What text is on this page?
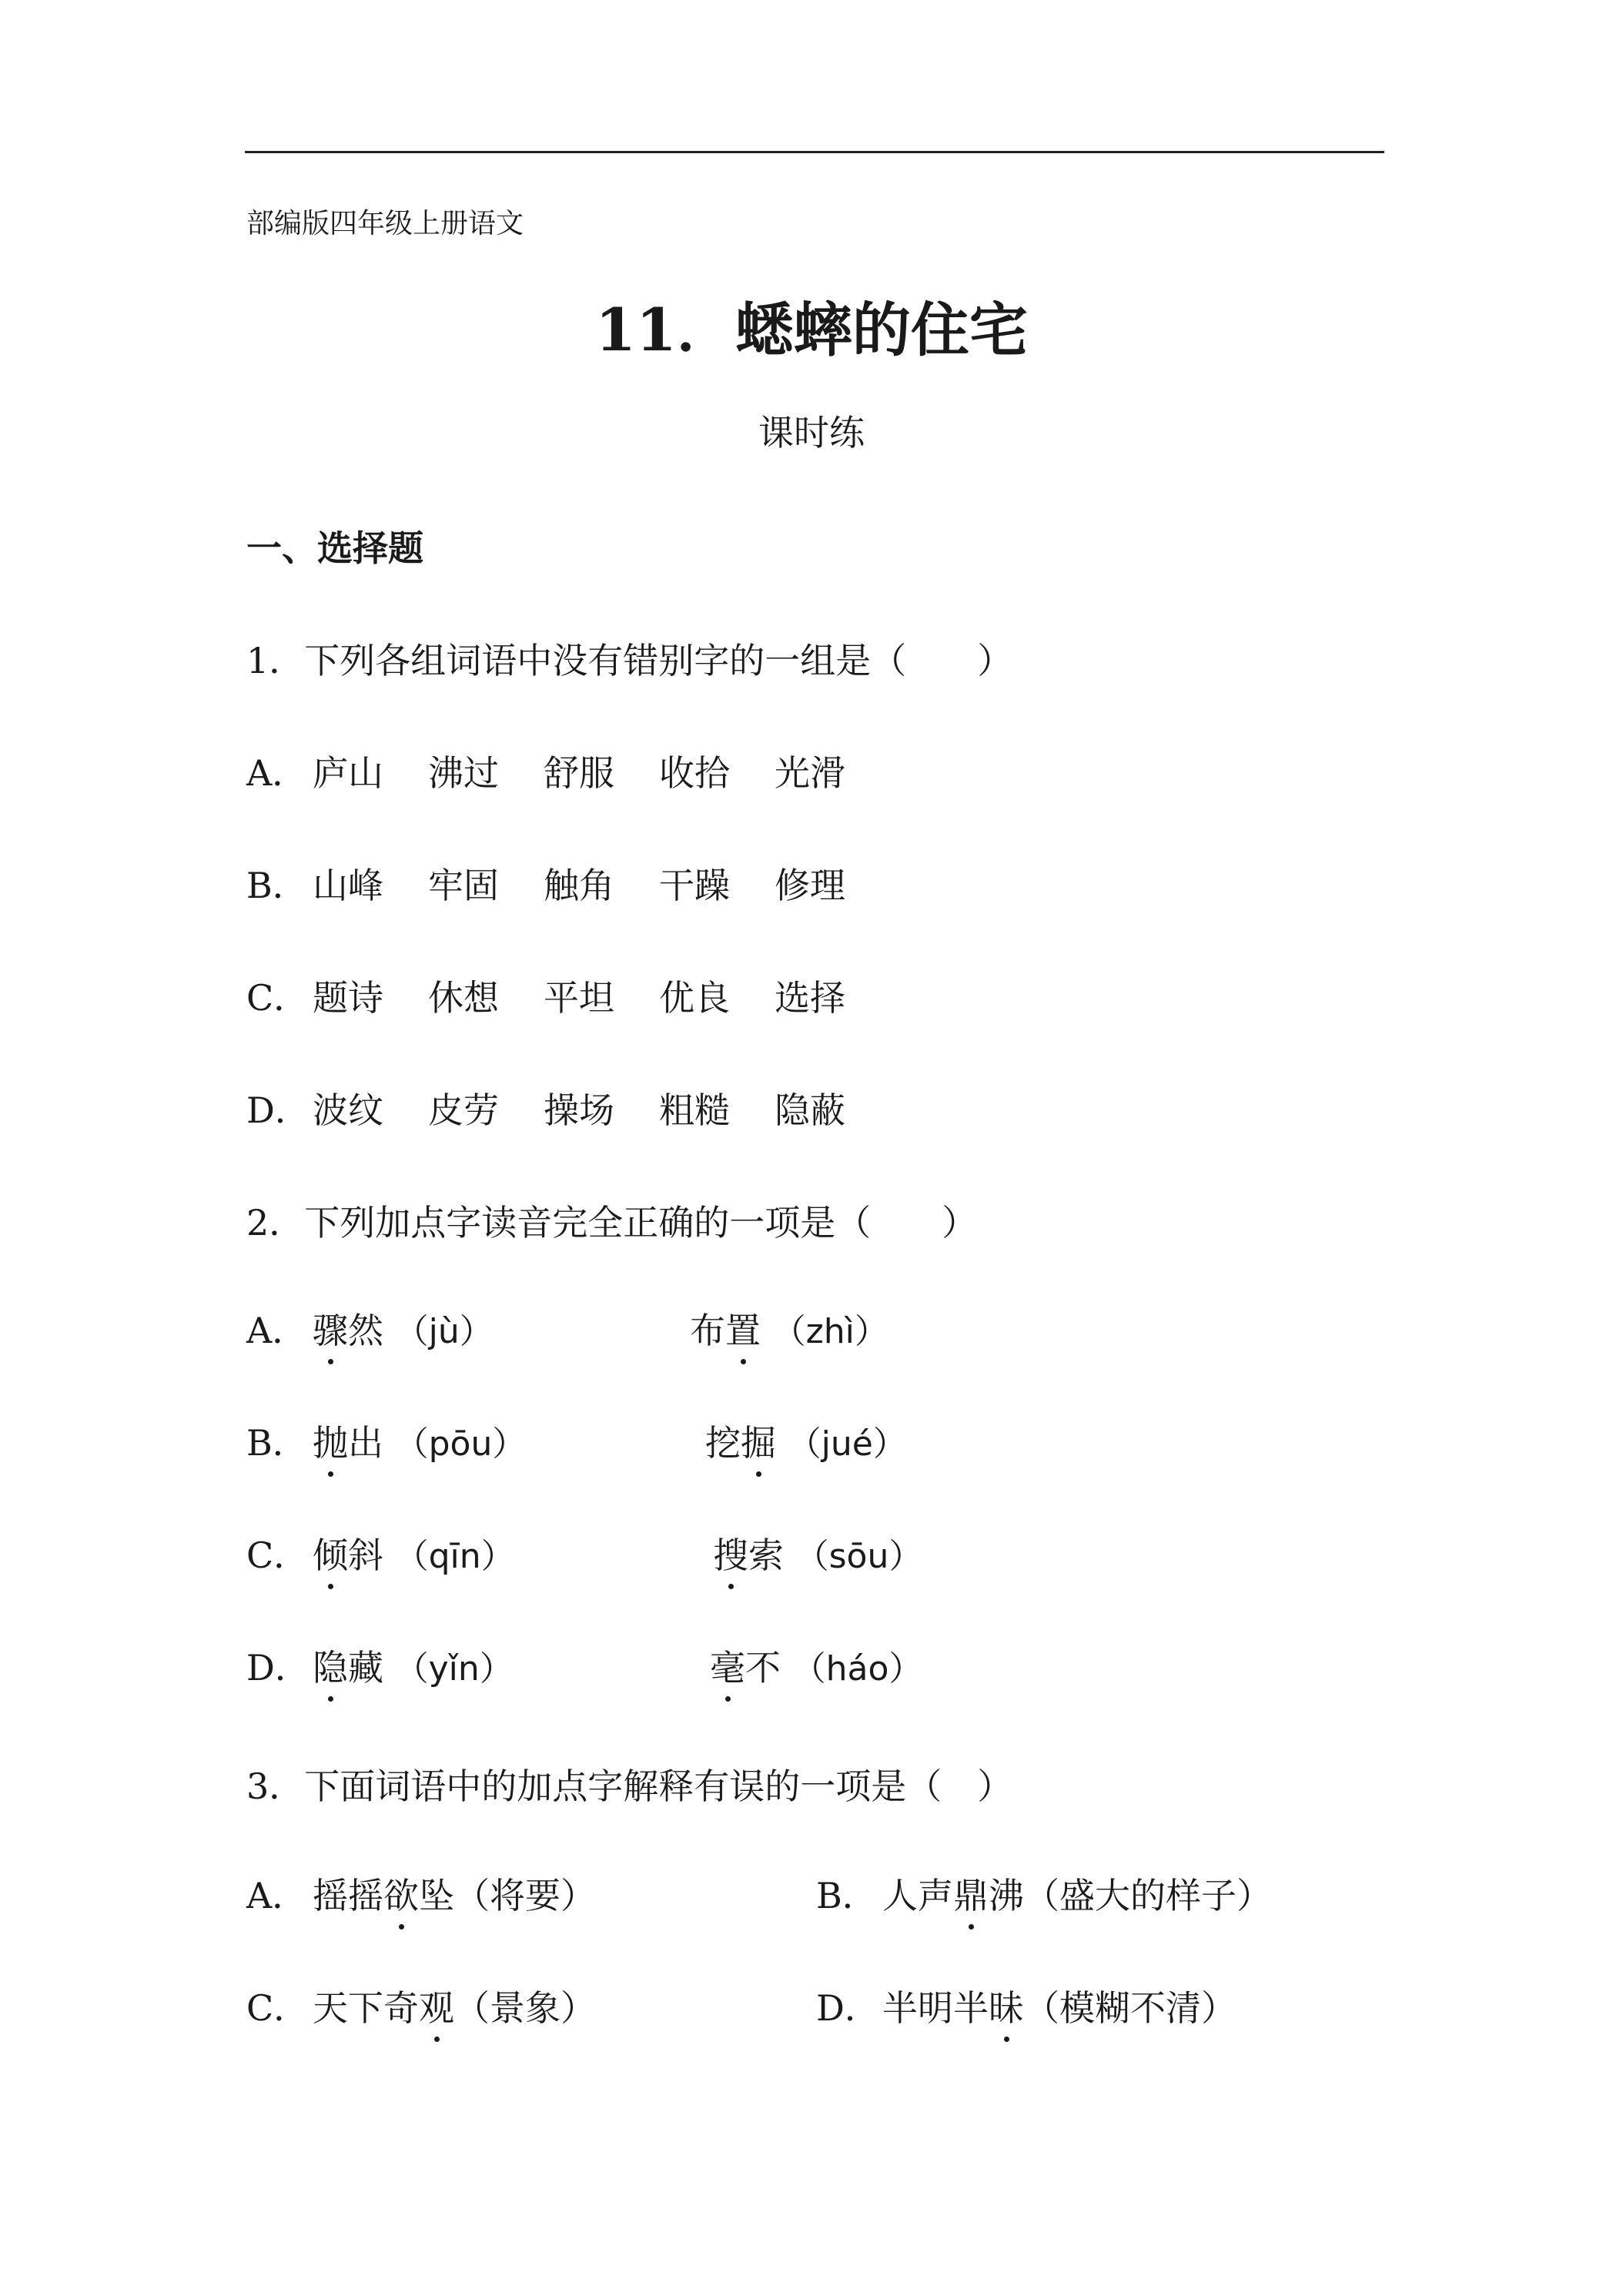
部编版四年级上册语文
11．蟋蟀的住宅
课时练
一、选择题
1．下列各组词语中没有错别字的一组是（　　）
A． 庐山 沸过 舒服 收拾 光滑
B． 山峰 牢固 触角 干躁 修理
C． 题诗 休想 平坦 优良 选择
D．波纹 皮劳 操场 粗糙 隐蔽
2．下列加点字读音完全正确的一项是（　　）
A． 骤然 （jù）	布置 （zhì）
B． 抛出 （pōu）	挖掘 （jué）
C． 倾斜 （qīn）	搜索 （sōu）
D．隐藏 （yǐn）	毫不 （háo）
3．下面词语中的加点字解释有误的一项是（　）
A． 摇摇欲坠（将要）	B． 人声鼎沸（盛大的样子）
C． 天下奇观（景象）	D．半明半昧（模糊不清）
